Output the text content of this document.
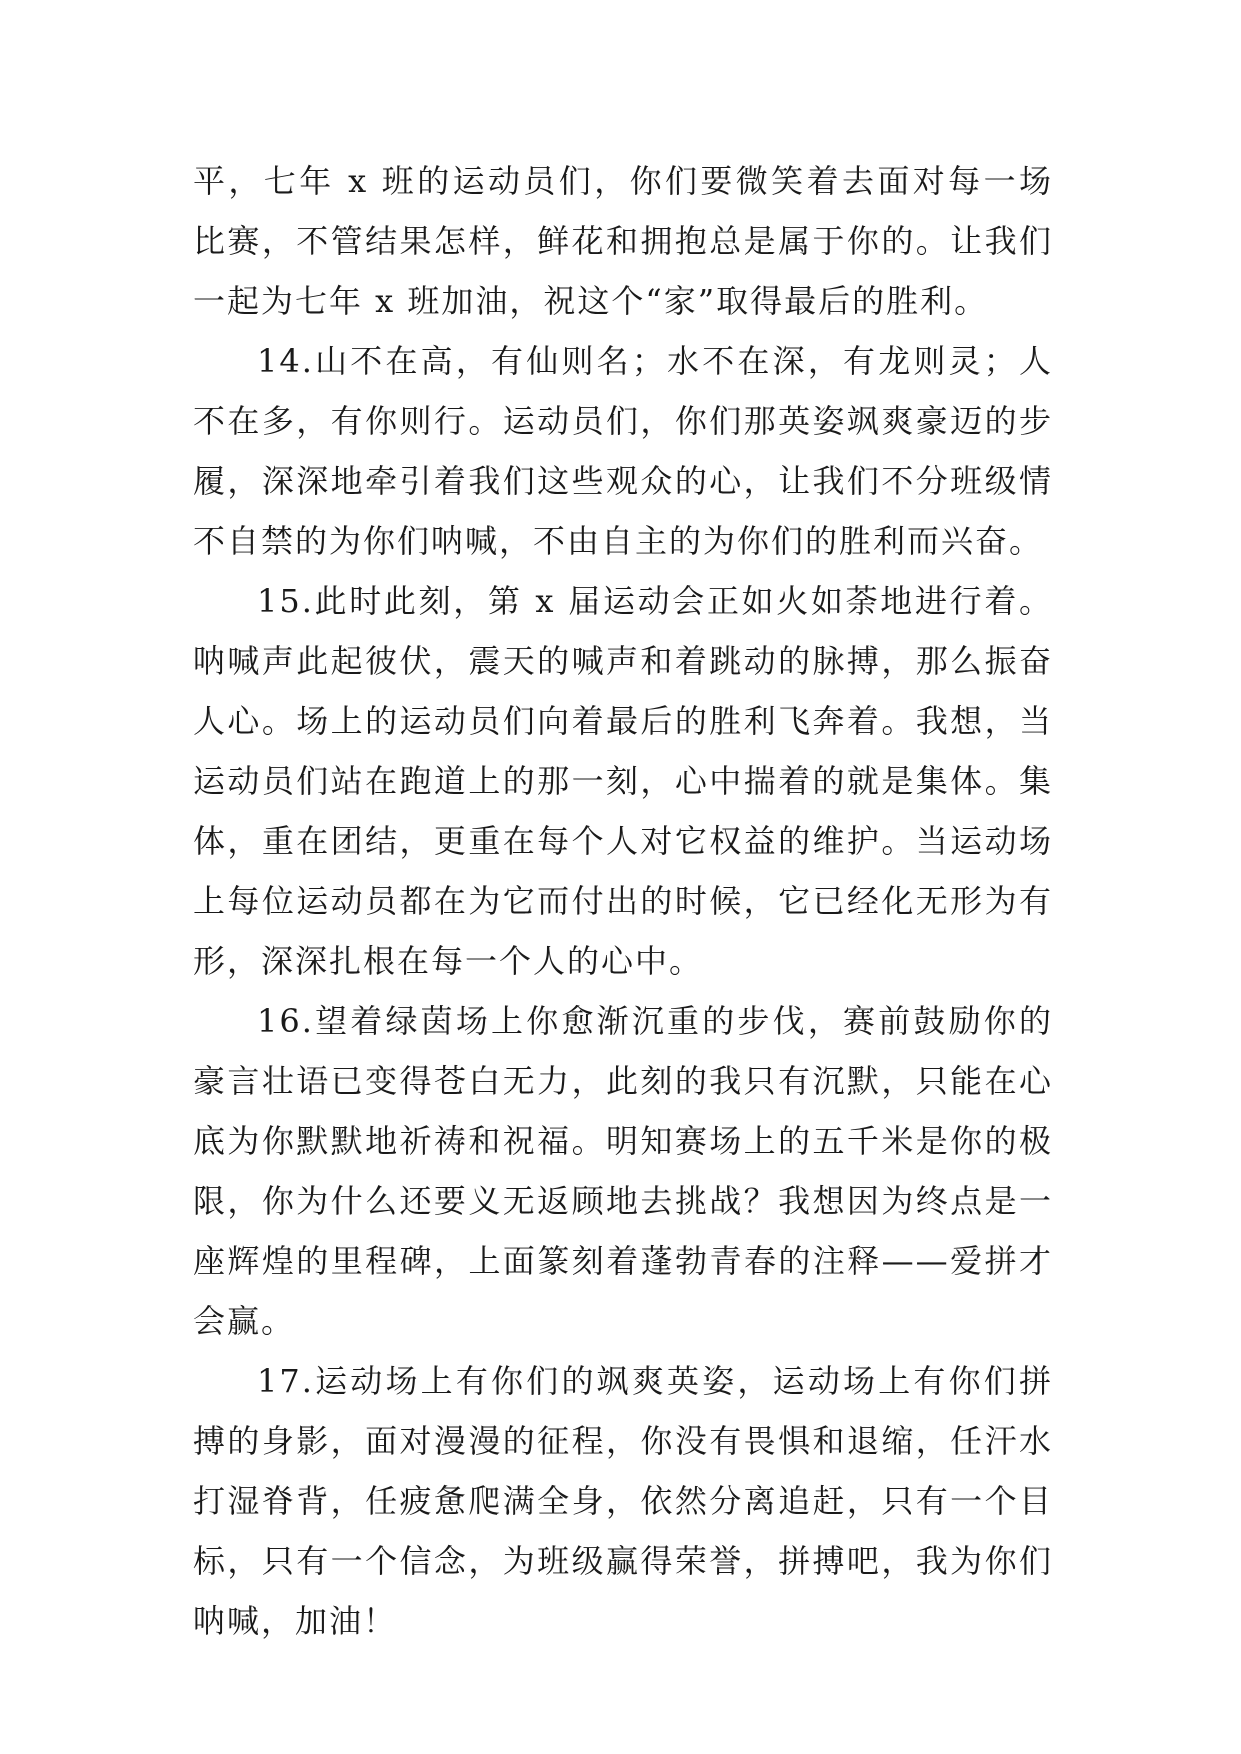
平，七年 x 班的运动员们，你们要微笑着去面对每一场比赛，不管结果怎样，鲜花和拥抱总是属于你的。让我们一起为七年 x 班加油，祝这个“家”取得最后的胜利。

14.山不在高，有仙则名；水不在深，有龙则灵；人不在多，有你则行。运动员们，你们那英姿飒爽豪迈的步履，深深地牵引着我们这些观众的心，让我们不分班级情不自禁的为你们呐喊，不由自主的为你们的胜利而兴奋。

15.此时此刻，第 x 届运动会正如火如荼地进行着。呐喊声此起彼伏，震天的喊声和着跳动的脉搏，那么振奋人心。场上的运动员们向着最后的胜利飞奔着。我想，当运动员们站在跑道上的那一刻，心中揣着的就是集体。集体，重在团结，更重在每个人对它权益的维护。当运动场上每位运动员都在为它而付出的时候，它已经化无形为有形，深深扎根在每一个人的心中。

16.望着绿茵场上你愈渐沉重的步伐，赛前鼓励你的豪言壮语已变得苍白无力，此刻的我只有沉默，只能在心底为你默默地祈祷和祝福。明知赛场上的五千米是你的极限，你为什么还要义无返顾地去挑战？我想因为终点是一座辉煌的里程碑，上面篆刻着蓬勃青春的注释——爱拼才会赢。

17.运动场上有你们的飒爽英姿，运动场上有你们拼搏的身影，面对漫漫的征程，你没有畏惧和退缩，任汗水打湿脊背，任疲惫爬满全身，依然分离追赶，只有一个目标，只有一个信念，为班级赢得荣誉，拼搏吧，我为你们呐喊，加油！
